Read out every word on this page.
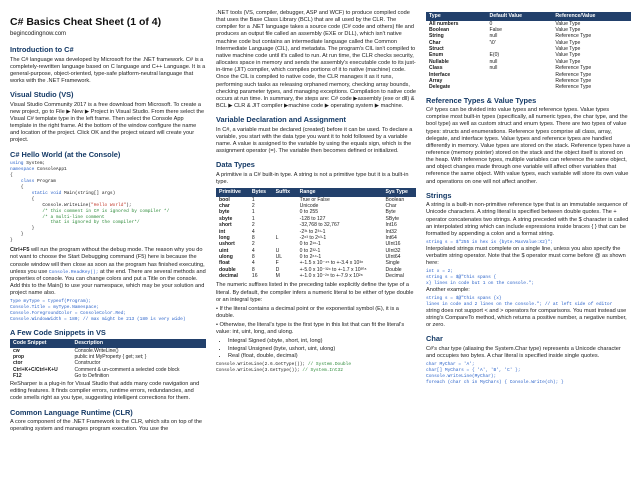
C# Basics Cheat Sheet (1 of 4)
begincodingnow.com
Introduction to C#

The C# language was developed by Microsoft for the .NET framework. C# is a completely-rewritten language based on C language and C++ Language. It is a general-purpose, object-oriented, type-safe platform-neutral language that works with the .NET Framework.

Visual Studio (VS)

Visual Studio Community 2017 is a free download from Microsoft. To create a new project, go to File ▶ New ▶ Project in Visual Studio. From there select the Visual C# template type in the left frame. Then select the Console App template in the right frame. At the bottom of the window configure the name and location of the project. Click OK and the project wizard will create your project.

C# Hello World (at the Console)
using System;
namespace ConsoleApp1
{
class Program
{
static void Main(string[] args)
{
Console.WriteLine("Hello World");
/* this comment in C# is ignored by compiler */
/* a multi-line comment
that is ignored by the compiler*/
}
}
}

Ctrl+F5 will run the program without the debug mode. The reason why you do not want to choose the Start Debugging command (F5) here is because the console window will then close as soon as the program has finished executing, unless you use Console.ReadKey(); at the end. There are several methods and properties of console. You can change colors and put a Title on the console. Add this to the Main() to use your namespace, which may be your solution and project name also.

Type myType = typeof(Program);
Console.Title = myType.Namespace;
Console.ForegroundColor = ConsoleColor.Red;
Console.WindowWidth = 180; // max might be 213 (180 is very wide)
A Few Code Snippets in VS
Code Snippet	Description
cw	Console.WriteLine()
prop	public int MyProperty { get; set; }
ctor	Constructor
Ctrl+K+C/Ctrl+K+U	Comment & un-comment a selected code block
F12	Go to Definition

ReSharper is a plug-in for Visual Studio that adds many code navigation and editing features. It finds compiler errors, runtime errors, redundancies, and code smells right as you type, suggesting intelligent corrections for them.

Common Language Runtime (CLR)

A core component of the .NET Framework is the CLR, which sits on top of the operating system and manages program execution. You use the

.NET tools (VS, compiler, debugger, ASP and WCF) to produce compiled code that uses the Base Class Library (BCL) that are all used by the CLR. The compiler for a .NET language takes a source code (C# code and others) file and produces an output file called an assembly (EXE or DLL), which isn't native machine code but contains an intermediate language called the Common Intermediate Language (CIL), and metadata. The program's CIL isn't compiled to native machine code until it's called to run. At run time, the CLR checks security, allocates space in memory and sends the assembly's executable code to its just-in-time (JIT) compiler, which compiles portions of it to native (machine) code. Once the CIL is compiled to native code, the CLR manages it as it runs, performing such tasks as releasing orphaned memory, checking array bounds, checking parameter types, and managing exceptions. Compilation to native code occurs at run time. In summary, the steps are: C# code ▶assembly (exe or dll) & BCL ▶ CLR & JIT compiler ▶machine code ▶ operating system ▶ machine.

Variable Declaration and Assignment

In C#, a variable must be declared (created) before it can be used. To declare a variable, you start with the data type you want it to hold followed by a variable name. A value is assigned to the variable by using the equals sign, which is the assignment operator (=). The variable then becomes defined or initialized.

Data Types

A primitive is a C# built-in type. A string is not a primitive type but it is a built-in type.

Primitive	Bytes	Suffix	Range	Sys Type
bool	1		True or False	Boolean
char	2		Unicode	Char
byte	1		0 to 255	Byte
sbyte	1		-128 to 127	SByte
short	2		-32,768 to 32,767	Int16
int	4		-2³¹ to 2³¹-1	Int32
long	8	L	-2⁶³ to 2⁶³-1	Int64
ushort	2		0 to 2¹⁶-1	UInt16
uint	4	U	0 to 2³²-1	UInt32
ulong	8	UL	0 to 2⁶⁴-1	UInt64
float	4	F	+-1.5 x 10⁻⁴⁵ to +-3.4 x 10³⁸	Single
double	8	D	+-5.0 x 10⁻³²⁴ to +-1.7 x 10³⁰⁸	Double
decimal	16	M	+-1.0 x 10⁻²⁸ to +-7.9 x 10²⁸	Decimal

The numeric suffixes listed in the preceding table explicitly define the type of a literal. By default, the compiler infers a numeric literal to be either of type double or an integral type:

• If the literal contains a decimal point or the exponential symbol (E), it is a double.

• Otherwise, the literal's type is the first type in this list that can fit the literal's value: int, uint, long, and ulong.

• Integral Signed (sbyte, short, int, long)
• Integral Unsigned (byte, ushort, uint, ulong)
• Real (float, double, decimal)
Console.WriteLine(2.6.GetType()); // System.Double
Console.WriteLine(3.GetType()); // System.Int32
Type	Default Value	Reference/Value
All numbers	0	Value Type
Boolean	False	Value Type
String	null	Reference Type
Char	'\0'	Value Type
Struct		Value Type
Enum	E(0)	Value Type
Nullable	null	Value Type
Class	null	Reference Type
Interface		Reference Type
Array		Reference Type
Delegate		Reference Type
Reference Types & Value Types

C# types can be divided into value types and reference types. Value types comprise most built-in types (specifically, all numeric types, the char type, and the bool type) as well as custom struct and enum types. There are two types of value types: structs and enumerations. Reference types comprise all class, array, delegate, and interface types. Value types and reference types are handled differently in memory. Value types are stored on the stack. Reference types have a reference (memory pointer) stored on the stack and the object itself is stored on the heap. With reference types, multiple variables can reference the same object, and object changes made through one variable will affect other variables that reference the same object. With value types, each variable will store its own value and operations on one will not affect another.

Strings

A string is a built-in non-primitive reference type that is an immutable sequence of Unicode characters. A string literal is specified between double quotes. The + operator concatenates two strings. A string preceded with the $ character is called an interpolated string which can include expressions inside braces { } that can be formatted by appending a colon and a format string.

string s = $"255 in hex is {byte.MaxValue:X2}";

Interpolated strings must complete on a single line, unless you also specify the verbatim string operator. Note that the $ operator must come before @ as shown here:

int x = 2;
string s = $@"this spans {
x} lines in code but 1 on the console.";

Another example:

string s = $@"this spans {x}
lines in code and 2 lines on the console."; // at left side of editor

string does not support < and > operators for comparisons. You must instead use string's CompareTo method, which returns a positive number, a negative number, or zero.

Char

C#'s char type (aliasing the System.Char type) represents a Unicode character and occupies two bytes. A char literal is specified inside single quotes.

char MyChar = 'A';
char[] MyChars = { 'A', 'B', 'C' };
Console.WriteLine(MyChar);
foreach (char ch in MyChars) { Console.Write(ch); }
